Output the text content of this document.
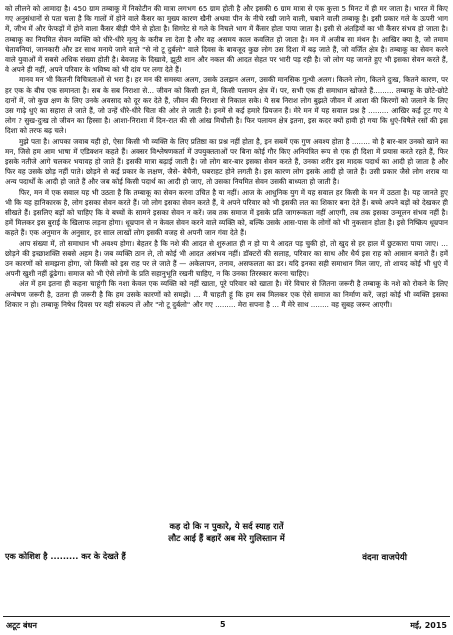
को लीलने को आमादा है। 450 ग्राम तम्बाकू में निकोटीन की मात्रा लगभग 65 ग्राम होती है और इसकी 6 ग्राम मात्रा से एक कुत्ता 5 मिनट में ही मर जाता है। भारत में किए गए अनुसंधानों से पता चला है कि गालों में होने वाले कैंसर का मुख्य कारण खैनी अथवा पीन के नीचे रखी जाने वाली, चबाने वाली तम्बाकू है। इसी प्रकार गले के ऊपरी भाग में, जीभ में और फेफड़ों में होने वाला कैंसर बीड़ी पीने से होता है। सिगरेट से गले के निचले भाग में कैंसर होता पाया जाता है। इसी से अंतड़ियों का भी कैंसर संभव हो जाता है। तम्बाकू का नियमित सेवन व्यक्ति को धीरे-धीरे मृत्यु के करीब ला देता है और वह असमय काल कवलित हो जाता है। मन में अजीब सा मंथन है। आखिर क्या है, जो तमाम चेतावनियां, जानकारी और डर साथ मनाये जाने वाले "से नो टू दुर्बलो" वाले दिवस के बावजूद कुछ लोग उस दिशा में बढ़ जाते हैं, जो वर्जित क्षेत्र है। तम्बाकू का सेवन करने वाले युवाओं में सबसे अधिक संख्या होती है। बेवजह के दिखावे, झूठी शान और नकल की आदत सेहत पर भारी पड़ रही है। जो लोग यह जानते हुए भी इसका सेवन करते हैं, वे अपने ही नहीं, अपने परिवार के भविष्य को भी दांव पर लगा देते हैं।

मानव मन भी कितनी विचित्रताओं से भरा है। हर मन की समस्या अलग, उसके उलझन अलग, उसकी मानसिक गुत्थी अलग। कितने लोग, कितने दुःख, कितने कारण, पर हर एक के बीच एक समानता है। सब के सब निराशा से... जीवन को किसी हल में, किसी पलायन क्षेत्र में। पर, सभी एक ही समाधान खोजते हैं......... तम्बाकू के छोटे-छोटे दानों में, जो कुछ क्षण के लिए उनके अवसाद को दूर कर देते हैं, जीवन की निराशा से निकाल सके। ये सब निराश लोग बुझते जीवन में आशा की किरणों को जलाने के लिए उस गाढ़े धुएं का सहारा ले जाते हैं, जो उन्हें धीरे-धीरे चिता की ओर ले जाती है। इनमें से कई हमारे प्रियजन हैं। मेरे मन में यह सवाल प्रश्न है ......... आखिर कई टूट गए ये लोग ? सुख-दुःख तो जीवन का हिस्सा है। आशा-निराशा में दिन-रात की सी आंख मिचौली है। फिर पलायन क्षेत्र इतना, इस कदर क्यों हावी हो गया कि धुएं-विषैले रसों की इस दिशा को तरफ बढ़ चले।

मुझे पता है। आपका जवाब यही हो, ऐसा किसी भी व्यक्ति के लिए प्रतिष्ठा का प्रश्न नहीं होता है, इन सबमें एक गुण अवश्य होता है ........ वो है बार-बार उनको खाने का मन, जिसे हम आम भाषा में एडिक्शन कहते हैं। अक्सर विश्लेषणकर्ता में उपयुक्तताओं पर बिना कोई गौर किए अनियंत्रित रूप से एक ही दिशा में प्रयास करते रहते हैं, फिर इसके नतीजे आगे चलकर भयावह हो जाते हैं। इसकी मात्रा बढ़ाई जाती है। जो लोग बार-बार इसका सेवन करते हैं, उनका शरीर इस मादक पदार्थ का आदी हो जाता है और फिर वह उसके छोड़ नहीं पाते। छोड़ने से कई प्रकार के लक्षण, जैसे- बेचैनी, घबराहट होने लगती है। इस कारण लोग इसके आदी हो जाते हैं। उसी प्रकार जैसे लोग शराब या अन्य पदार्थों के आदी हो जाते हैं और जब कोई किसी पदार्थ का आदी हो जाए, तो उसका नियमित सेवन उसकी बाध्यता हो जाती है।

फिर, मन में एक सवाल यह भी उठता है कि तम्बाकू का सेवन करना उचित है या नहीं। आज के आधुनिक युग में यह सवाल हर किसी के मन में उठता है। यह जानते हुए भी कि यह हानिकारक है, लोग इसका सेवन करते हैं। जो लोग इसका सेवन करते हैं, वे अपने परिवार को भी इसकी लत का शिकार बना देते हैं। बच्चे अपने बड़ों को देखकर ही सीखते हैं। इसलिए बड़ों को चाहिए कि वे बच्चों के सामने इसका सेवन न करें। जब तक समाज में इसके प्रति जागरूकता नहीं आएगी, तब तक इसका उन्मूलन संभव नहीं है। हमें मिलकर इस बुराई के खिलाफ लड़ना होगा। धूम्रपान से न केवल सेवन करने वाले व्यक्ति को, बल्कि उसके आस-पास के लोगों को भी नुकसान होता है। इसे निष्क्रिय धूम्रपान कहते हैं। एक अनुमान के अनुसार, हर साल लाखों लोग इसकी वजह से अपनी जान गंवा देते हैं।

आप संख्या में, तो समाधान भी अवश्य होगा। बेहतर है कि नशे की आदत से शुरुआत ही न हो या ये आदत पड़ चुकी हो, तो खुद से हर हाल में छुटकारा पाया जाए। ... छोड़ने की इच्छाशक्ति सबसे अहम है। जब व्यक्ति ठान ले, तो कोई भी आदत असंभव नहीं। डॉक्टरों की सलाह, परिवार का साथ और धैर्य इस राह को आसान बनाते हैं। हमें उन कारणों को समझना होगा, जो किसी को इस राह पर ले जाते हैं — अकेलापन, तनाव, असफलता का डर। यदि इनका सही समाधान मिल जाए, तो शायद कोई भी धुएं में अपनी खुशी नहीं ढूंढेगा। समाज को भी ऐसे लोगों के प्रति सहानुभूति रखनी चाहिए, न कि उनका तिरस्कार करना चाहिए।

अंत में हम इतना ही कहना चाहूंगी कि नशा केवल एक व्यक्ति को नहीं खाता, पूरे परिवार को खाता है। मेरे विचार से जितना जरूरी है तम्बाकू के नशे को रोकने के लिए अन्वेषण जरूरी है, उतना ही जरूरी है कि हम उसके कारणों को समझें। ... मैं चाहती हूं कि हम सब मिलकर एक ऐसे समाज का निर्माण करें, जहां कोई भी व्यक्ति इसका शिकार न हो। तम्बाकू निषेध दिवस पर यही संकल्प लें और "नो टू दुर्बलो" और गए ......... मेरा सपना है ... मैं मेरे साथ ........ वह सुबह जरूर आएगी।

कह दो कि न पुकारे, ये सर्द स्याह रातें
लौट आई हैं बहारें अब मेरे गुलिस्तान में
एक कोशिश है ......... कर के देखते हैं	वंदना वाजपेयी
अटूट बंधन	5	मई, 2015
